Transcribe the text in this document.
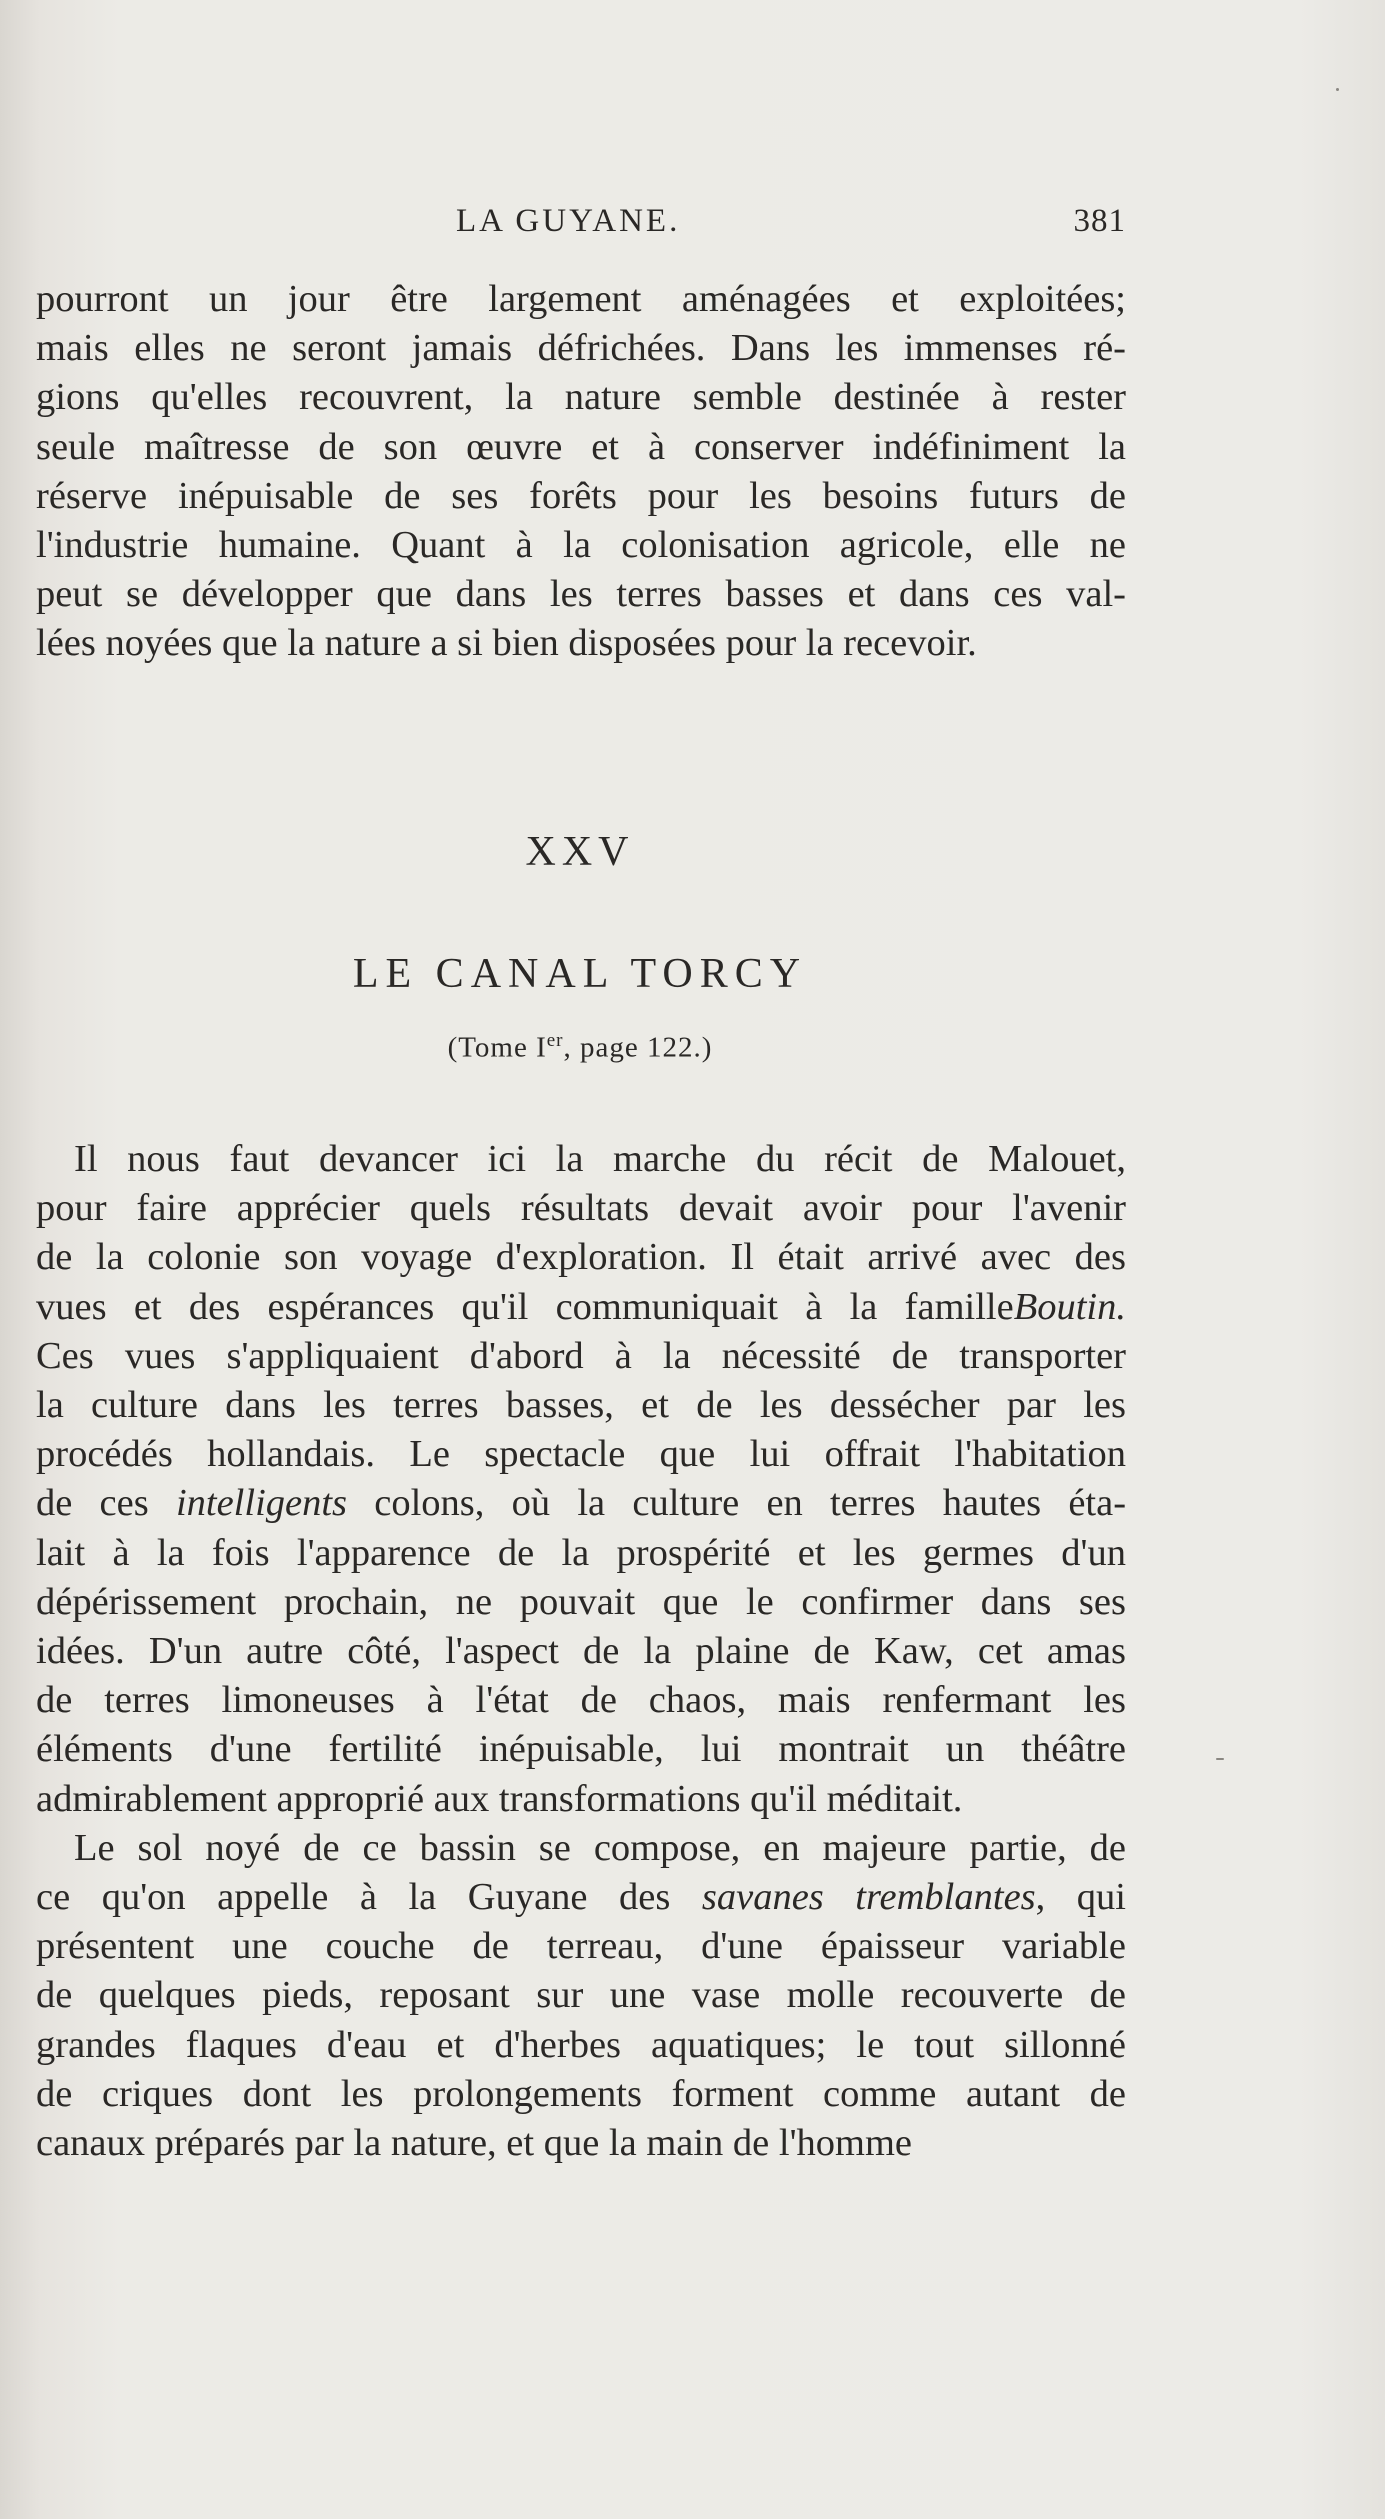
LA GUYANE.	381
pourront un jour être largement aménagées et exploitées;
mais elles ne seront jamais défrichées. Dans les immenses ré-
gions qu'elles recouvrent, la nature semble destinée à rester
seule maîtresse de son œuvre et à conserver indéfiniment la
réserve inépuisable de ses forêts pour les besoins futurs de
l'industrie humaine. Quant à la colonisation agricole, elle ne
peut se développer que dans les terres basses et dans ces val-
lées noyées que la nature a si bien disposées pour la recevoir.
XXV
LE CANAL TORCY
(Tome Ier, page 122.)
Il nous faut devancer ici la marche du récit de Malouet,
pour faire apprécier quels résultats devait avoir pour l'avenir
de la colonie son voyage d'exploration. Il était arrivé avec des
vues et des espérances qu'il communiquait à la familleBoutin.
Ces vues s'appliquaient d'abord à la nécessité de transporter
la culture dans les terres basses, et de les dessécher par les
procédés hollandais. Le spectacle que lui offrait l'habitation
de ces intelligents colons, où la culture en terres hautes éta-
lait à la fois l'apparence de la prospérité et les germes d'un
dépérissement prochain, ne pouvait que le confirmer dans ses
idées. D'un autre côté, l'aspect de la plaine de Kaw, cet amas
de terres limoneuses à l'état de chaos, mais renfermant les
éléments d'une fertilité inépuisable, lui montrait un théâtre
admirablement approprié aux transformations qu'il méditait.
Le sol noyé de ce bassin se compose, en majeure partie, de
ce qu'on appelle à la Guyane des savanes tremblantes, qui
présentent une couche de terreau, d'une épaisseur variable
de quelques pieds, reposant sur une vase molle recouverte de
grandes flaques d'eau et d'herbes aquatiques; le tout sillonné
de criques dont les prolongements forment comme autant de
canaux préparés par la nature, et que la main de l'homme
